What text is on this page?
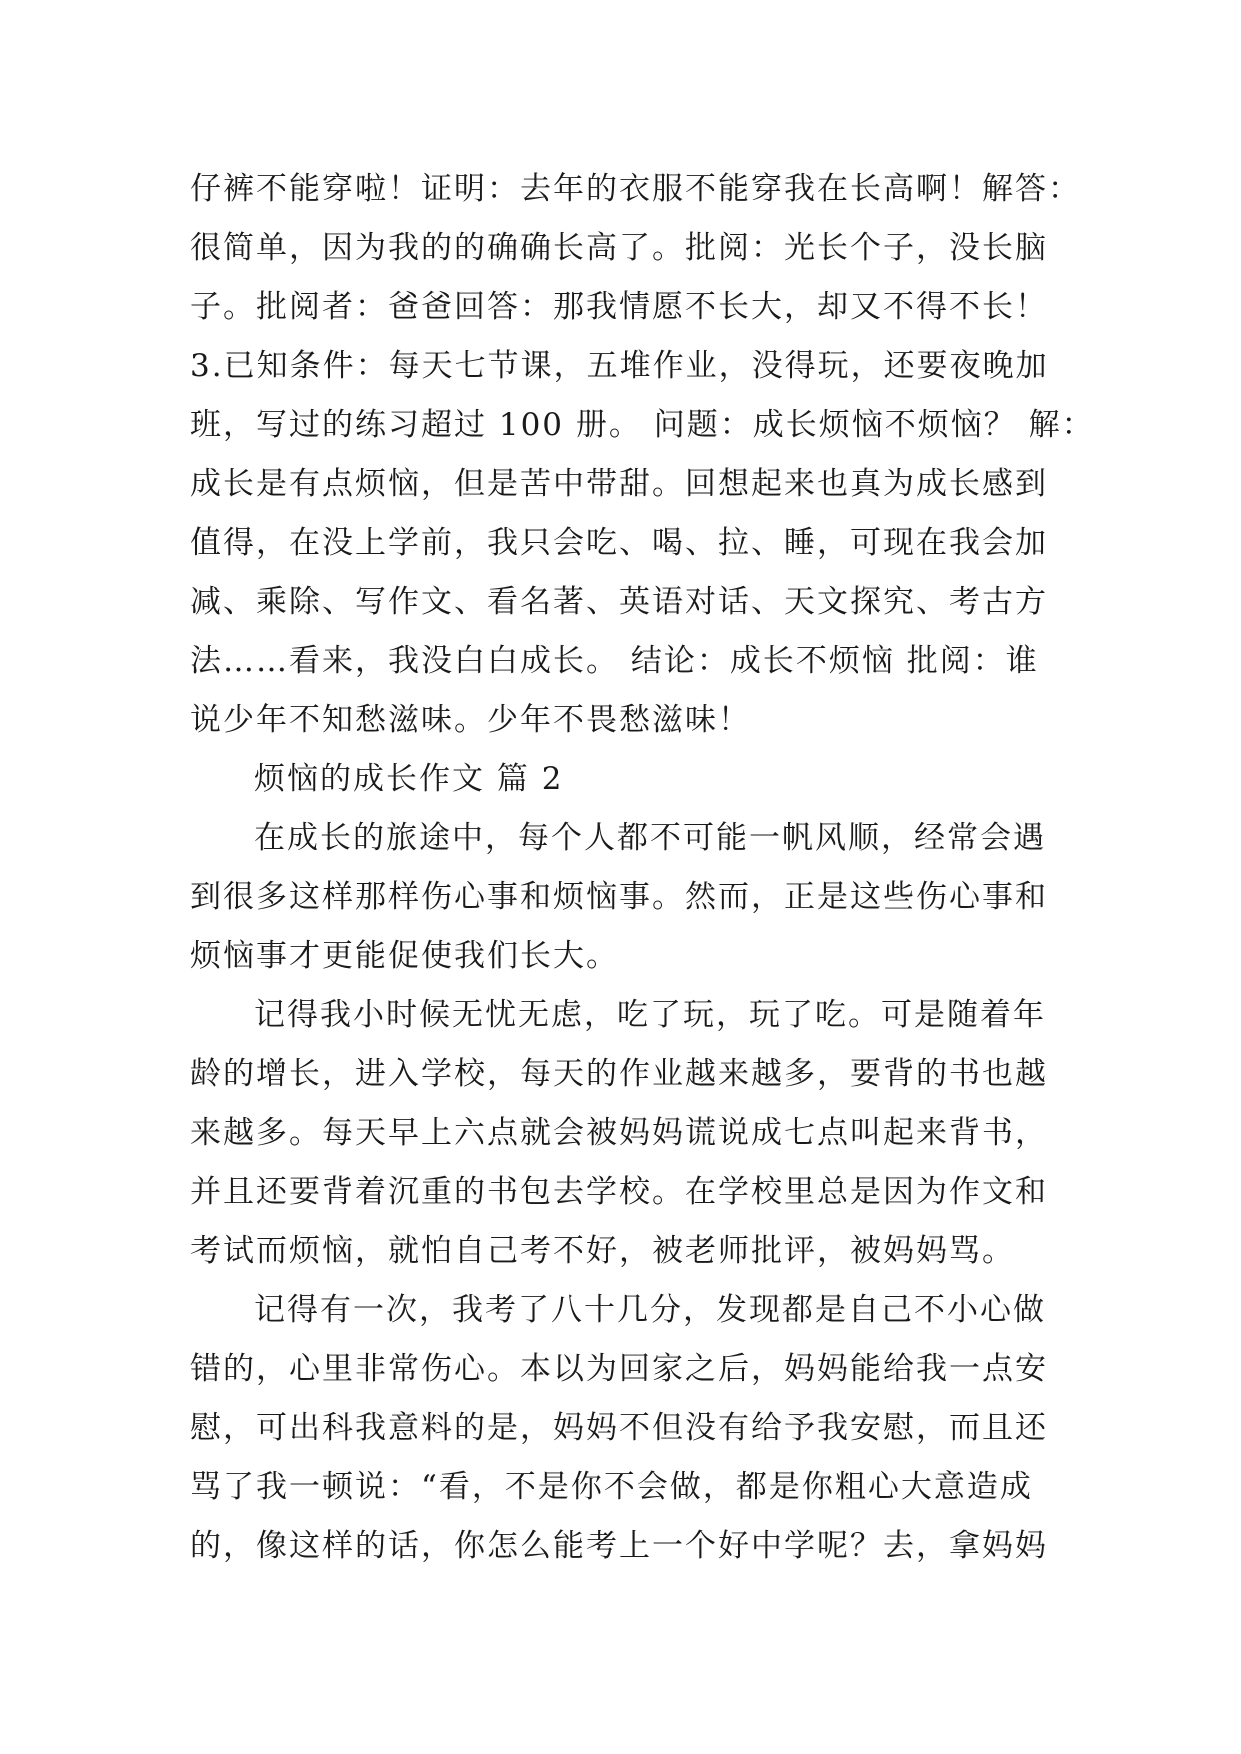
仔裤不能穿啦！证明：去年的衣服不能穿我在长高啊！解答：
很简单，因为我的的确确长高了。批阅：光长个子，没长脑
子。批阅者：爸爸回答：那我情愿不长大，却又不得不长！
3.已知条件：每天七节课，五堆作业，没得玩，还要夜晚加
班，写过的练习超过 100 册。 问题：成长烦恼不烦恼？ 解：
成长是有点烦恼，但是苦中带甜。回想起来也真为成长感到
值得，在没上学前，我只会吃、喝、拉、睡，可现在我会加
减、乘除、写作文、看名著、英语对话、天文探究、考古方
法……看来，我没白白成长。 结论：成长不烦恼 批阅：谁
说少年不知愁滋味。少年不畏愁滋味！
烦恼的成长作文 篇 2
在成长的旅途中，每个人都不可能一帆风顺，经常会遇
到很多这样那样伤心事和烦恼事。然而，正是这些伤心事和
烦恼事才更能促使我们长大。
记得我小时候无忧无虑，吃了玩，玩了吃。可是随着年
龄的增长，进入学校，每天的作业越来越多，要背的书也越
来越多。每天早上六点就会被妈妈谎说成七点叫起来背书，
并且还要背着沉重的书包去学校。在学校里总是因为作文和
考试而烦恼，就怕自己考不好，被老师批评，被妈妈骂。
记得有一次，我考了八十几分，发现都是自己不小心做
错的，心里非常伤心。本以为回家之后，妈妈能给我一点安
慰，可出科我意料的是，妈妈不但没有给予我安慰，而且还
骂了我一顿说：“看，不是你不会做，都是你粗心大意造成
的，像这样的话，你怎么能考上一个好中学呢？去，拿妈妈
